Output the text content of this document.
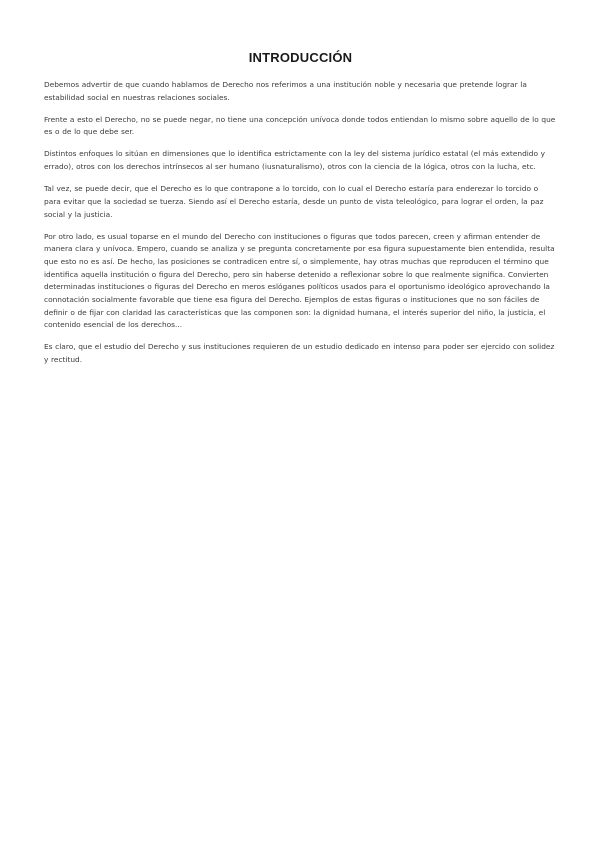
INTRODUCCIÓN

Debemos advertir de que cuando hablamos de Derecho nos referimos a una institución noble y necesaria que pretende lograr la estabilidad social en nuestras relaciones sociales.

Frente a esto el Derecho, no se puede negar, no tiene una concepción unívoca donde todos entiendan lo mismo sobre aquello de lo que es o de lo que debe ser.

Distintos enfoques lo sitúan en dimensiones que lo identifica estrictamente con la ley del sistema jurídico estatal (el más extendido y errado), otros con los derechos intrínsecos al ser humano (iusnaturalismo), otros con la ciencia de la lógica, otros con la lucha, etc.

Tal vez, se puede decir, que el Derecho es lo que contrapone a lo torcido, con lo cual el Derecho estaría para enderezar lo torcido o para evitar que la sociedad se tuerza. Siendo así el Derecho estaría, desde un punto de vista teleológico, para lograr el orden, la paz social y la justicia.

Por otro lado, es usual toparse en el mundo del Derecho con instituciones o figuras que todos parecen, creen y afirman entender de manera clara y unívoca. Empero, cuando se analiza y se pregunta concretamente por esa figura supuestamente bien entendida, resulta que esto no es así. De hecho, las posiciones se contradicen entre sí, o simplemente, hay otras muchas que reproducen el término que identifica aquella institución o figura del Derecho, pero sin haberse detenido a reflexionar sobre lo que realmente significa. Convierten determinadas instituciones o figuras del Derecho en meros eslóganes políticos usados para el oportunismo ideológico aprovechando la connotación socialmente favorable que tiene esa figura del Derecho. Ejemplos de estas figuras o instituciones que no son fáciles de definir o de fijar con claridad las características que las componen son: la dignidad humana, el interés superior del niño, la justicia, el contenido esencial de los derechos...

Es claro, que el estudio del Derecho y sus instituciones requieren de un estudio dedicado en intenso para poder ser ejercido con solidez y rectitud.
